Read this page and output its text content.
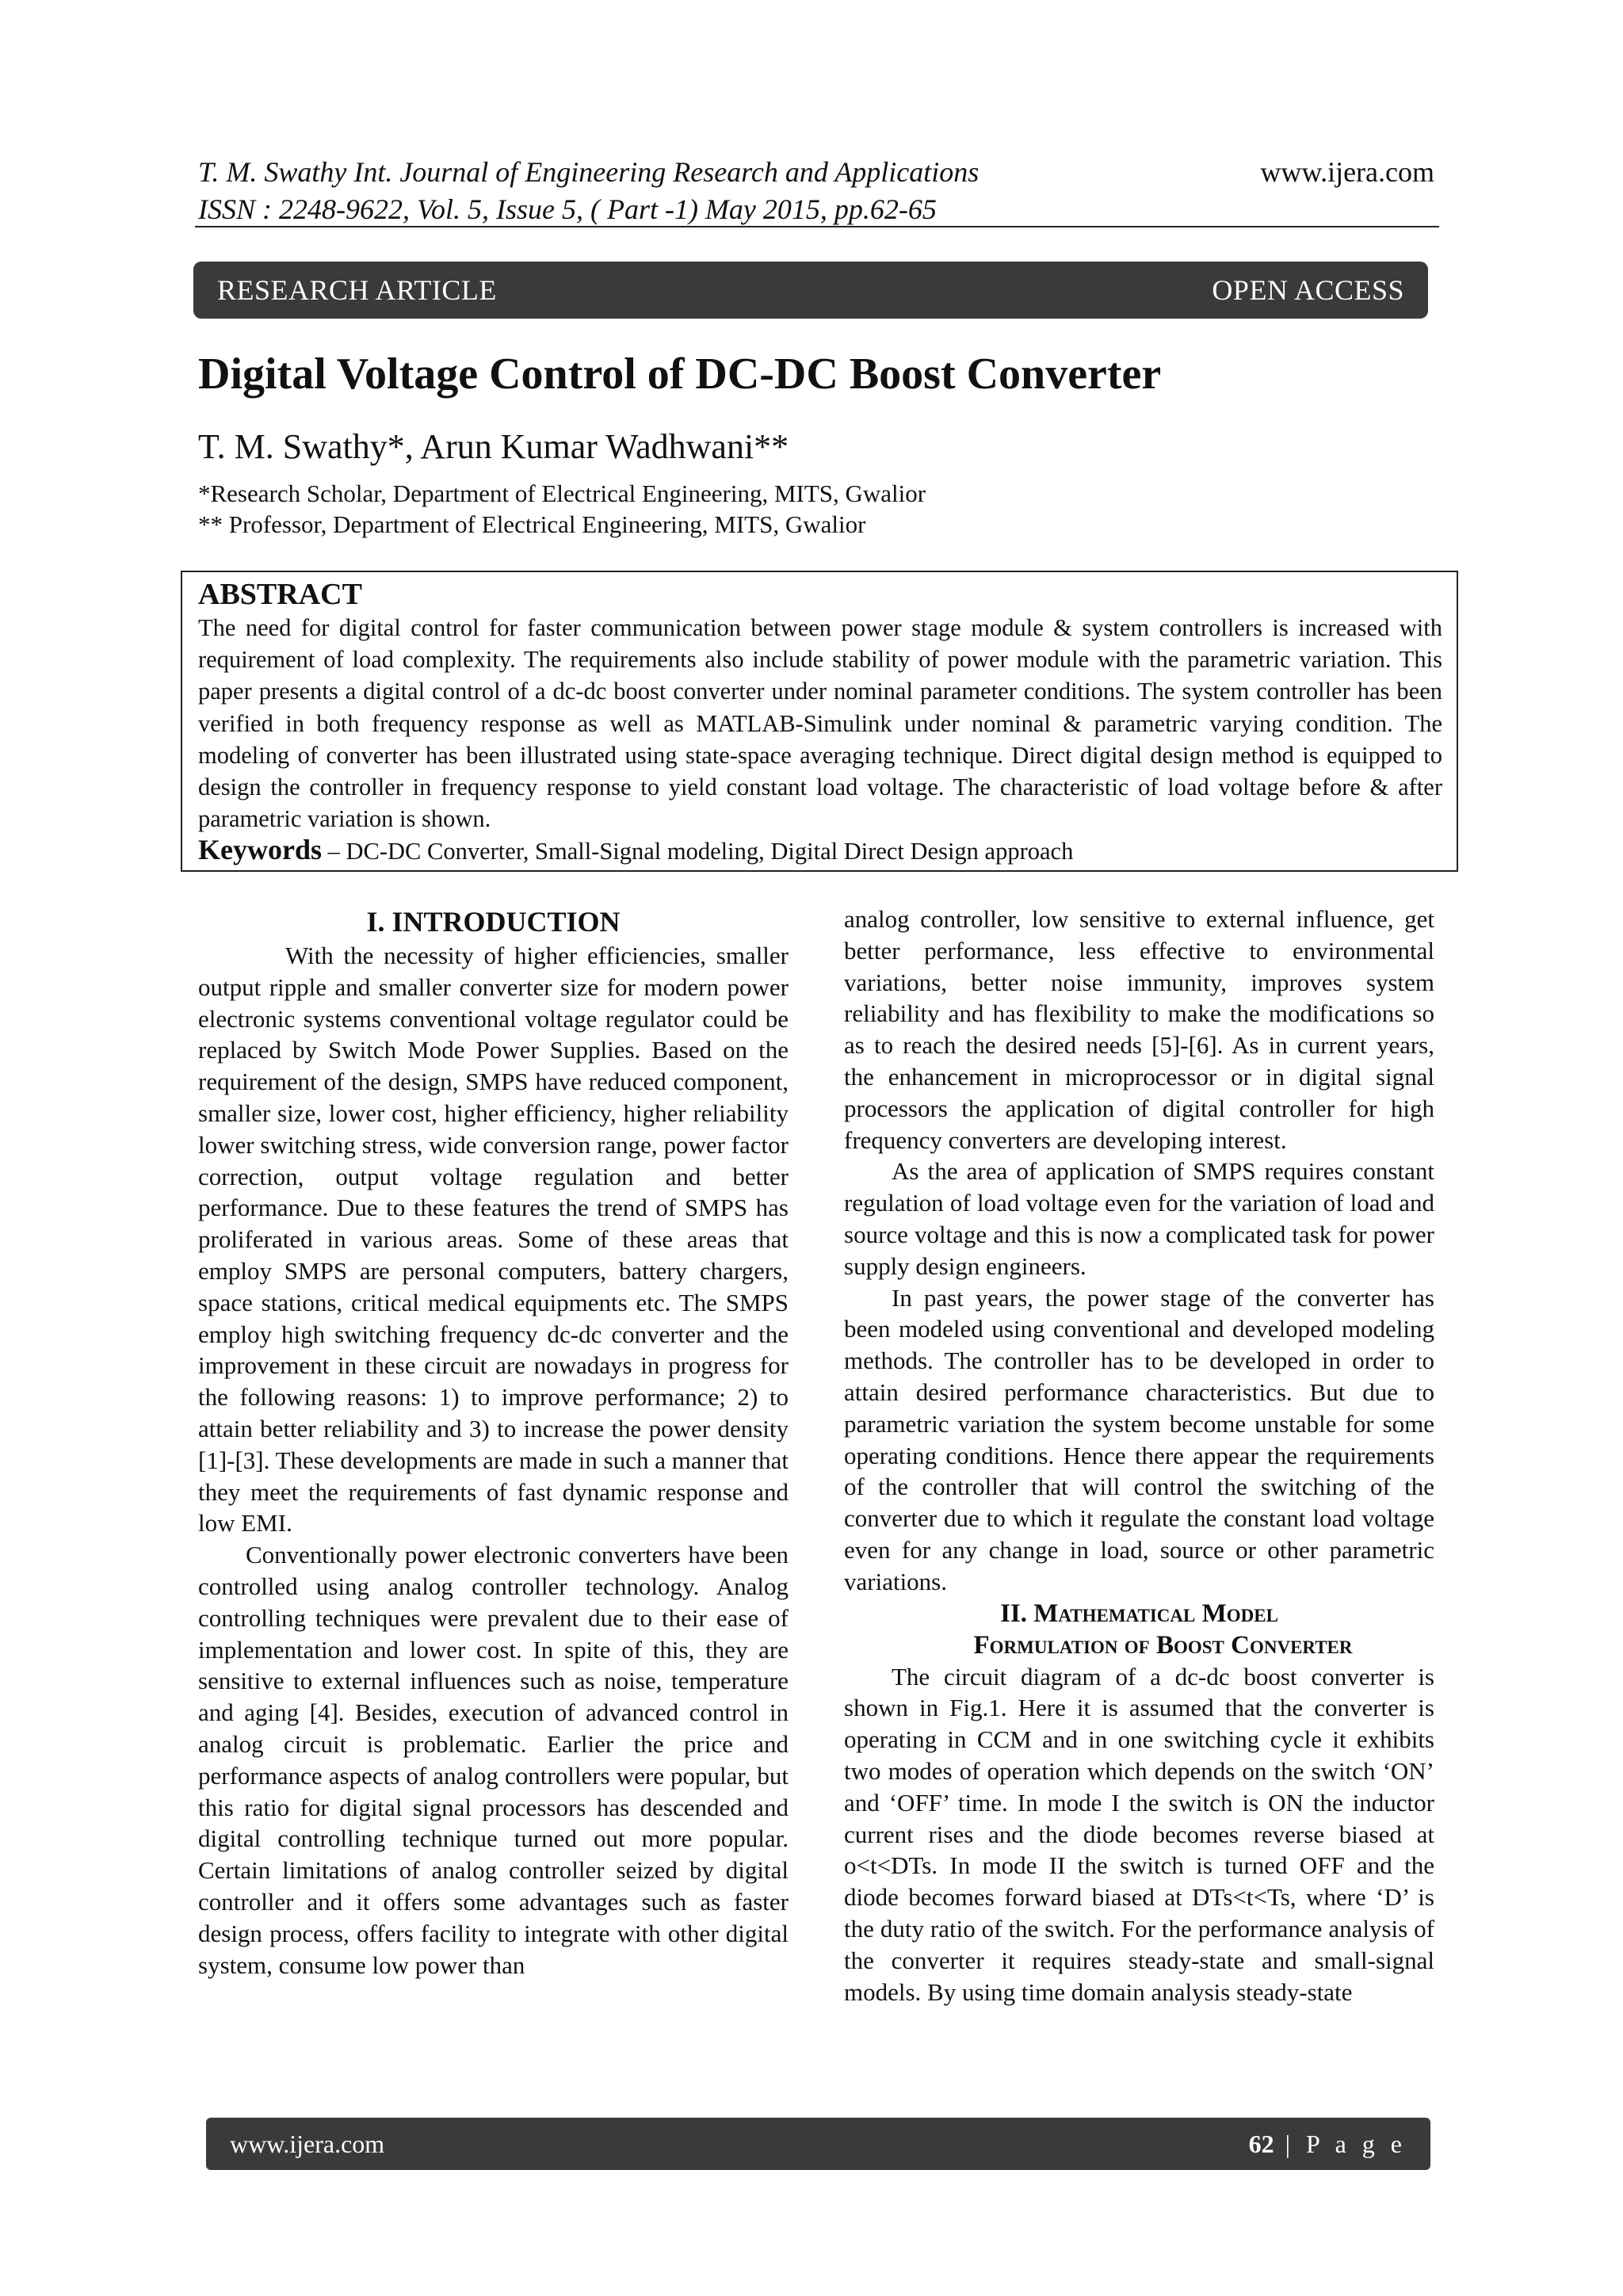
T. M. Swathy Int. Journal of Engineering Research and Applications
ISSN : 2248-9622, Vol. 5, Issue 5, ( Part -1) May 2015, pp.62-65
www.ijera.com
RESEARCH ARTICLE	OPEN ACCESS
Digital Voltage Control of DC-DC Boost Converter
T. M. Swathy*, Arun Kumar Wadhwani**
*Research Scholar, Department of Electrical Engineering, MITS, Gwalior
** Professor, Department of Electrical Engineering, MITS, Gwalior
ABSTRACT
The need for digital control for faster communication between power stage module & system controllers is increased with requirement of load complexity. The requirements also include stability of power module with the parametric variation. This paper presents a digital control of a dc-dc boost converter under nominal parameter conditions. The system controller has been verified in both frequency response as well as MATLAB-Simulink under nominal & parametric varying condition. The modeling of converter has been illustrated using state-space averaging technique. Direct digital design method is equipped to design the controller in frequency response to yield constant load voltage. The characteristic of load voltage before & after parametric variation is shown.
Keywords – DC-DC Converter, Small-Signal modeling, Digital Direct Design approach
I. INTRODUCTION

With the necessity of higher efficiencies, smaller output ripple and smaller converter size for modern power electronic systems conventional voltage regulator could be replaced by Switch Mode Power Supplies. Based on the requirement of the design, SMPS have reduced component, smaller size, lower cost, higher efficiency, higher reliability lower switching stress, wide conversion range, power factor correction, output voltage regulation and better performance. Due to these features the trend of SMPS has proliferated in various areas. Some of these areas that employ SMPS are personal computers, battery chargers, space stations, critical medical equipments etc. The SMPS employ high switching frequency dc-dc converter and the improvement in these circuit are nowadays in progress for the following reasons: 1) to improve performance; 2) to attain better reliability and 3) to increase the power density [1]-[3]. These developments are made in such a manner that they meet the requirements of fast dynamic response and low EMI.

Conventionally power electronic converters have been controlled using analog controller technology. Analog controlling techniques were prevalent due to their ease of implementation and lower cost. In spite of this, they are sensitive to external influences such as noise, temperature and aging [4]. Besides, execution of advanced control in analog circuit is problematic. Earlier the price and performance aspects of analog controllers were popular, but this ratio for digital signal processors has descended and digital controlling technique turned out more popular. Certain limitations of analog controller seized by digital controller and it offers some advantages such as faster design process, offers facility to integrate with other digital system, consume low power than

analog controller, low sensitive to external influence, get better performance, less effective to environmental variations, better noise immunity, improves system reliability and has flexibility to make the modifications so as to reach the desired needs [5]-[6]. As in current years, the enhancement in microprocessor or in digital signal processors the application of digital controller for high frequency converters are developing interest.

As the area of application of SMPS requires constant regulation of load voltage even for the variation of load and source voltage and this is now a complicated task for power supply design engineers.

In past years, the power stage of the converter has been modeled using conventional and developed modeling methods. The controller has to be developed in order to attain desired performance characteristics. But due to parametric variation the system become unstable for some operating conditions. Hence there appear the requirements of the controller that will control the switching of the converter due to which it regulate the constant load voltage even for any change in load, source or other parametric variations.

II. Mathematical Model
Formulation of Boost Converter

The circuit diagram of a dc-dc boost converter is shown in Fig.1. Here it is assumed that the converter is operating in CCM and in one switching cycle it exhibits two modes of operation which depends on the switch ‘ON’ and ‘OFF’ time. In mode I the switch is ON the inductor current rises and the diode becomes reverse biased at o<t<DTs. In mode II the switch is turned OFF and the diode becomes forward biased at DTs<t<Ts, where ‘D’ is the duty ratio of the switch. For the performance analysis of the converter it requires steady-state and small-signal models. By using time domain analysis steady-state

www.ijera.com	62 | P a g e
